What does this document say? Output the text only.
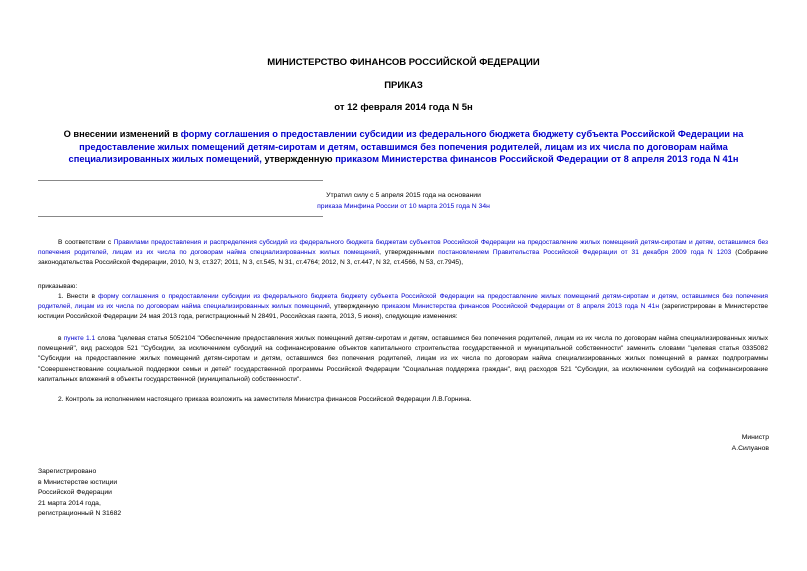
МИНИСТЕРСТВО ФИНАНСОВ РОССИЙСКОЙ ФЕДЕРАЦИИ
ПРИКАЗ
от 12 февраля 2014 года N 5н
О внесении изменений в форму соглашения о предоставлении субсидии из федерального бюджета бюджету субъекта Российской Федерации на предоставление жилых помещений детям-сиротам и детям, оставшимся без попечения родителей, лицам из их числа по договорам найма специализированных жилых помещений, утвержденную приказом Министерства финансов Российской Федерации от 8 апреля 2013 года N 41н
Утратил силу с 5 апреля 2015 года на основании
приказа Минфина России от 10 марта 2015 года N 34н
В соответствии с Правилами предоставления и распределения субсидий из федерального бюджета бюджетам субъектов Российской Федерации на предоставление жилых помещений детям-сиротам и детям, оставшимся без попечения родителей, лицам из их числа по договорам найма специализированных жилых помещений, утвержденными постановлением Правительства Российской Федерации от 31 декабря 2009 года N 1203 (Собрание законодательства Российской Федерации, 2010, N 3, ст.327; 2011, N 3, ст.545, N 31, ст.4764; 2012, N 3, ст.447, N 32, ст.4566, N 53, ст.7945),
приказываю:
1. Внести в форму соглашения о предоставлении субсидии из федерального бюджета бюджету субъекта Российской Федерации на предоставление жилых помещений детям-сиротам и детям, оставшимся без попечения родителей, лицам из их числа по договорам найма специализированных жилых помещений, утвержденную приказом Министерства финансов Российской Федерации от 8 апреля 2013 года N 41н (зарегистрирован в Министерстве юстиции Российской Федерации 24 мая 2013 года, регистрационный N 28491, Российская газета, 2013, 5 июня), следующие изменения:
в пункте 1.1 слова "целевая статья 5052104 "Обеспечение предоставления жилых помещений детям-сиротам и детям, оставшимся без попечения родителей, лицам из их числа по договорам найма специализированных жилых помещений", вид расходов 521 "Субсидии, за исключением субсидий на софинансирование объектов капитального строительства государственной и муниципальной собственности" заменить словами "целевая статья 0335082 "Субсидии на предоставление жилых помещений детям-сиротам и детям, оставшимся без попечения родителей, лицам из их числа по договорам найма специализированных жилых помещений в рамках подпрограммы "Совершенствование социальной поддержки семьи и детей" государственной программы Российской Федерации "Социальная поддержка граждан", вид расходов 521 "Субсидии, за исключением субсидий на софинансирование капитальных вложений в объекты государственной (муниципальной) собственности".
2. Контроль за исполнением настоящего приказа возложить на заместителя Министра финансов Российской Федерации Л.В.Горнина.
Министр
А.Силуанов
Зарегистрировано
в Министерстве юстиции
Российской Федерации
21 марта 2014 года,
регистрационный N 31682
